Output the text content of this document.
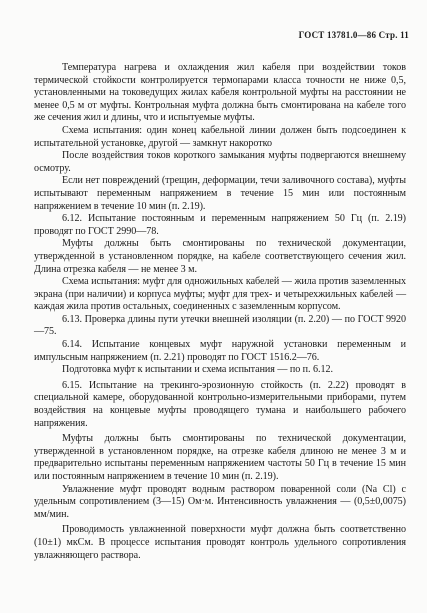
ГОСТ 13781.0—86 Стр. 11

Температура нагрева и охлаждения жил кабеля при воздействии токов термической стойкости контролируется термопарами класса точности не ниже 0,5, установленными на токоведущих жилах кабеля контрольной муфты на расстоянии не менее 0,5 м от муфты. Контрольная муфта должна быть смонтирована на кабеле того же сечения жил и длины, что и испытуемые муфты.

Схема испытания: один конец кабельной линии должен быть подсоединен к испытательной установке, другой — замкнут накоротко

После воздействия токов короткого замыкания муфты подвергаются внешнему осмотру.

Если нет повреждений (трещин, деформации, течи заливочного состава), муфты испытывают переменным напряжением в течение 15 мин или постоянным напряжением в течение 10 мин (п. 2.19).

6.12. Испытание постоянным и переменным напряжением 50 Гц (п. 2.19) проводят по ГОСТ 2990—78.

Муфты должны быть смонтированы по технической документации, утвержденной в установленном порядке, на кабеле соответствующего сечения жил. Длина отрезка кабеля — не менее 3 м.

Схема испытания: муфт для одножильных кабелей — жила против заземленных экрана (при наличии) и корпуса муфты; муфт для трех- и четырехжильных кабелей — каждая жила против остальных, соединенных с заземленным корпусом.

6.13. Проверка длины пути утечки внешней изоляции (п. 2.20) — по ГОСТ 9920—75.

6.14. Испытание концевых муфт наружной установки переменным и импульсным напряжением (п. 2.21) проводят по ГОСТ 1516.2—76.

Подготовка муфт к испытании и схема испытания — по п. 6.12.

6.15. Испытание на трекинго-эрозионную стойкость (п. 2.22) проводят в специальной камере, оборудованной контрольно-измерительными приборами, путем воздействия на концевые муфты проводящего тумана и наибольшего рабочего напряжения.

Муфты должны быть смонтированы по технической документации, утвержденной в установленном порядке, на отрезке кабеля длиною не менее 3 м и предварительно испытаны переменным напряжением частоты 50 Гц в течение 15 мин или постоянным напряжением в течение 10 мин (п. 2.19).

Увлажнение муфт проводят водным раствором поваренной соли (Na Cl) с удельным сопротивлением (3—15) Ом·м. Интенсивность увлажнения — (0,5±0,0075) мм/мин.

Проводимость увлажненной поверхности муфт должна быть соответственно (10±1) мкСм. В процессе испытания проводят контроль удельного сопротивления увлажняющего раствора.
